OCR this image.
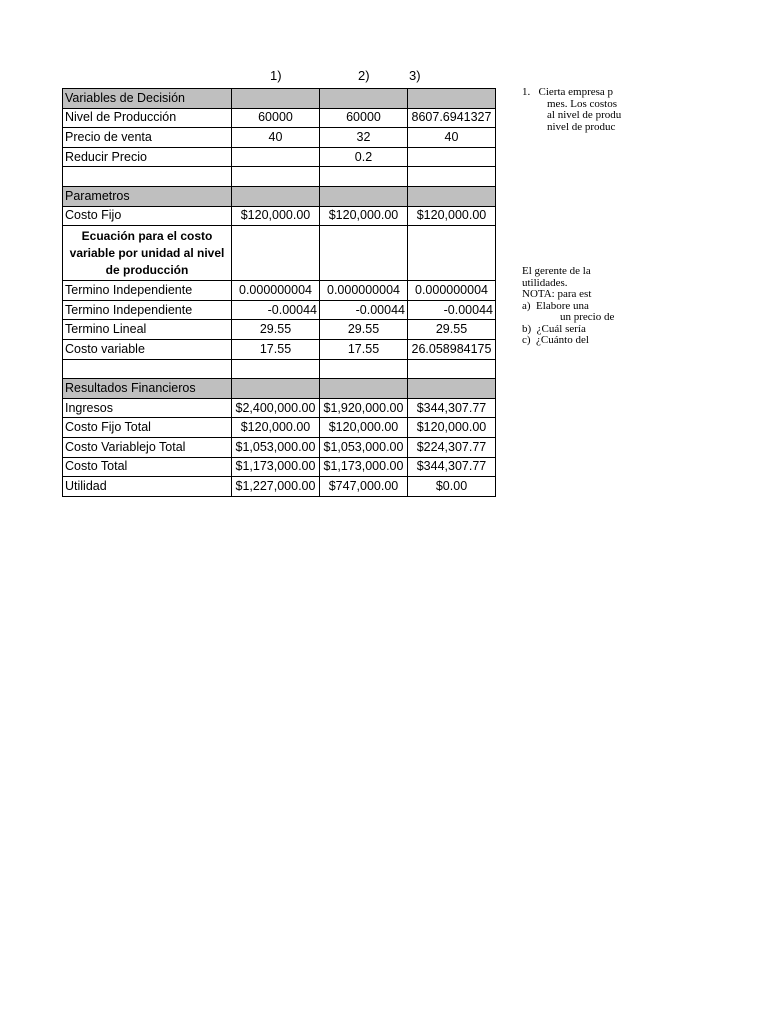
1)	2)	3)
Variables de Decisión			
Nivel de Producción	60000	60000	8607.6941327
Precio de venta	40	32	40
Reducir Precio		0.2	

Parametros			
Costo Fijo	$120,000.00	$120,000.00	$120,000.00
Ecuación para el costo variable por unidad al nivel de producción			
Termino Independiente	0.000000004	0.000000004	0.000000004
Termino Independiente	-0.00044	-0.00044	-0.00044
Termino Lineal	29.55	29.55	29.55
Costo variable	17.55	17.55	26.058984175

Resultados Financieros			
Ingresos	$2,400,000.00	$1,920,000.00	$344,307.77
Costo Fijo Total	$120,000.00	$120,000.00	$120,000.00
Costo Variablejo Total	$1,053,000.00	$1,053,000.00	$224,307.77
Costo Total	$1,173,000.00	$1,173,000.00	$344,307.77
Utilidad	$1,227,000.00	$747,000.00	$0.00
1. Cierta empresa p
mes. Los costos
al nivel de produ
nivel de produc
El gerente de la
utilidades.
NOTA: para est
a) Elabore una
un precio de
b) ¿Cuál sería
c) ¿Cuánto del
